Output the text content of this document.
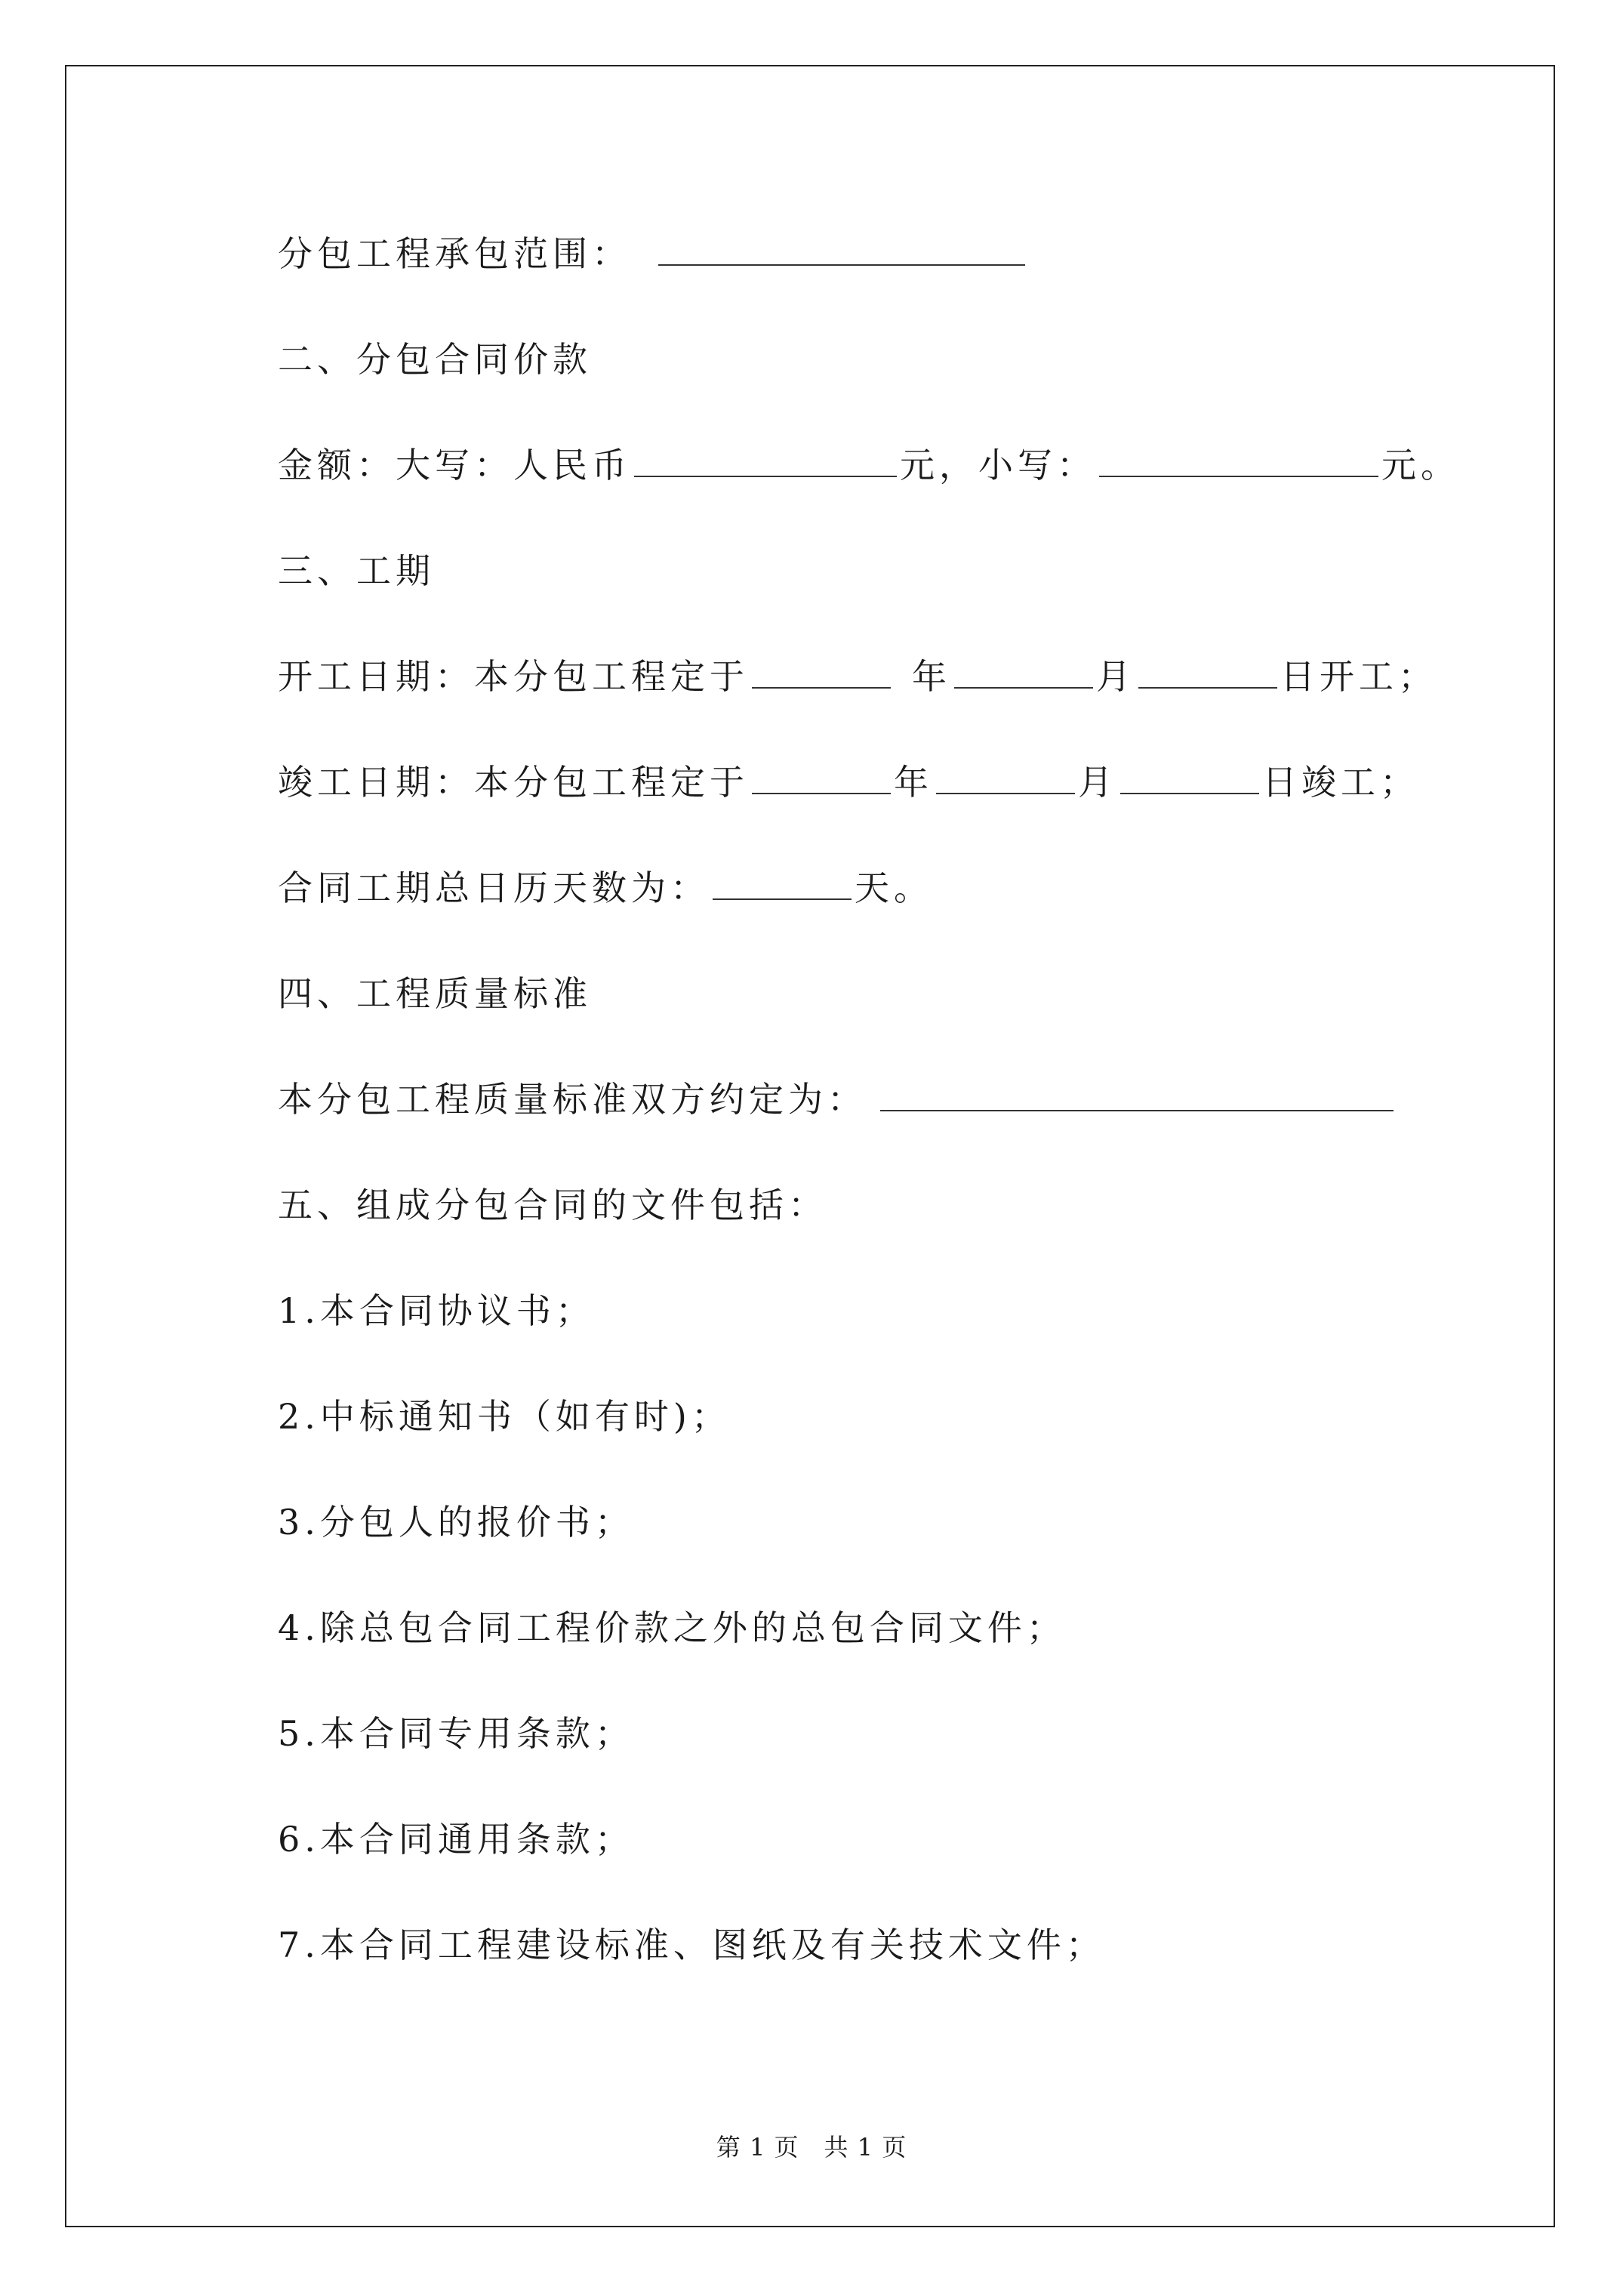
分包工程承包范围：
二、分包合同价款
金额：大写：人民币	元，小写：	元。
三、工期
开工日期：本分包工程定于	年	月	日开工；
竣工日期：本分包工程定于	年	月	日竣工；
合同工期总日历天数为：	天。
四、工程质量标准
本分包工程质量标准双方约定为：
五、组成分包合同的文件包括：
1.本合同协议书；
2.中标通知书（如有时)；
3.分包人的报价书；
4.除总包合同工程价款之外的总包合同文件；
5.本合同专用条款；
6.本合同通用条款；
7.本合同工程建设标准、图纸及有关技术文件；
第 1 页　共 1 页
